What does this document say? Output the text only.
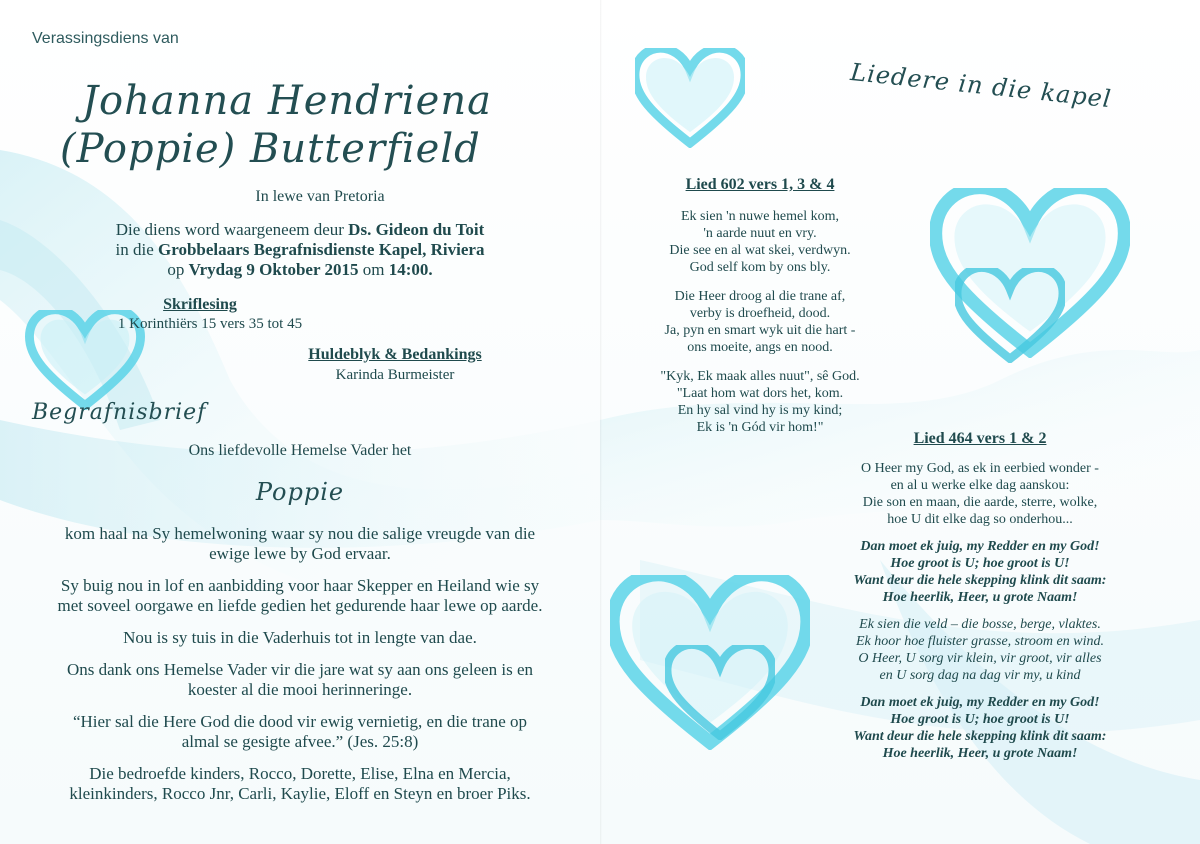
Verassingsdiens van
Johanna Hendriena
(Poppie) Butterfield
In lewe van Pretoria
Die diens word waargeneem deur Ds. Gideon du Toit
in die Grobbelaars Begrafnisdienste Kapel, Riviera
op Vrydag 9 Oktober 2015 om 14:00.
Skriflesing
1 Korinthiërs 15 vers 35 tot 45
Huldeblyk & Bedankings
Karinda Burmeister
Begrafnisbrief
Ons liefdevolle Hemelse Vader het
Poppie
kom haal na Sy hemelwoning waar sy nou die salige vreugde van die
ewige lewe by God ervaar.
Sy buig nou in lof en aanbidding voor haar Skepper en Heiland wie sy
met soveel oorgawe en liefde gedien het gedurende haar lewe op aarde.
Nou is sy tuis in die Vaderhuis tot in lengte van dae.
Ons dank ons Hemelse Vader vir die jare wat sy aan ons geleen is en
koester al die mooi herinneringe.
“Hier sal die Here God die dood vir ewig vernietig, en die trane op
almal se gesigte afvee.” (Jes. 25:8)
Die bedroefde kinders, Rocco, Dorette, Elise, Elna en Mercia,
kleinkinders, Rocco Jnr, Carli, Kaylie, Eloff en Steyn en broer Piks.
Liedere in die kapel
Lied 602 vers 1, 3 & 4
Ek sien 'n nuwe hemel kom,
'n aarde nuut en vry.
Die see en al wat skei, verdwyn.
God self kom by ons bly.
Die Heer droog al die trane af,
verby is droefheid, dood.
Ja, pyn en smart wyk uit die hart -
ons moeite, angs en nood.
"Kyk, Ek maak alles nuut", sê God.
"Laat hom wat dors het, kom.
En hy sal vind hy is my kind;
Ek is 'n Gód vir hom!"
Lied 464 vers 1 & 2
O Heer my God, as ek in eerbied wonder -
en al u werke elke dag aanskou:
Die son en maan, die aarde, sterre, wolke,
hoe U dit elke dag so onderhou...
Dan moet ek juig, my Redder en my God!
Hoe groot is U; hoe groot is U!
Want deur die hele skepping klink dit saam:
Hoe heerlik, Heer, u grote Naam!
Ek sien die veld – die bosse, berge, vlaktes.
Ek hoor hoe fluister grasse, stroom en wind.
O Heer, U sorg vir klein, vir groot, vir alles
en U sorg dag na dag vir my, u kind
Dan moet ek juig, my Redder en my God!
Hoe groot is U; hoe groot is U!
Want deur die hele skepping klink dit saam:
Hoe heerlik, Heer, u grote Naam!
